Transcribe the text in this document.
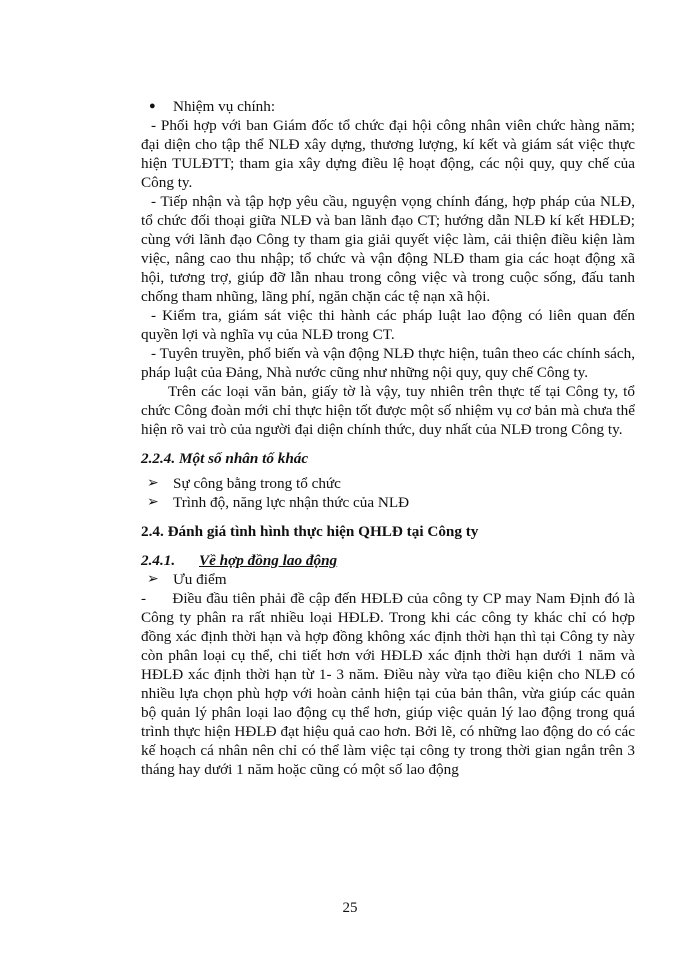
● Nhiệm vụ chính:

- Phối hợp với ban Giám đốc tổ chức đại hội công nhân viên chức hàng năm; đại diện cho tập thể NLĐ xây dựng, thương lượng, kí kết và giám sát việc thực hiện TULĐTT; tham gia xây dựng điều lệ hoạt động, các nội quy, quy chế của Công ty.

- Tiếp nhận và tập hợp yêu cầu, nguyện vọng chính đáng, hợp pháp của NLĐ, tổ chức đối thoại giữa NLĐ và ban lãnh đạo CT; hướng dẫn NLĐ kí kết HĐLĐ; cùng với lãnh đạo Công ty tham gia giải quyết việc làm, cải thiện điều kiện làm việc, nâng cao thu nhập; tổ chức và vận động NLĐ tham gia các hoạt động xã hội, tương trợ, giúp đỡ lẫn nhau trong công việc và trong cuộc sống, đấu tanh chống tham nhũng, lãng phí, ngăn chặn các tệ nạn xã hội.

- Kiểm tra, giám sát việc thi hành các pháp luật lao động có liên quan đến quyền lợi và nghĩa vụ của NLĐ trong CT.

- Tuyên truyền, phổ biến và vận động NLĐ thực hiện, tuân theo các chính sách, pháp luật của Đảng, Nhà nước cũng như những nội quy, quy chế Công ty.

Trên các loại văn bản, giấy tờ là vậy, tuy nhiên trên thực tế tại Công ty, tổ chức Công đoàn mới chỉ thực hiện tốt được một số nhiệm vụ cơ bản mà chưa thể hiện rõ vai trò của người đại diện chính thức, duy nhất của NLĐ trong Công ty.

2.2.4. Một số nhân tố khác

➢ Sự công bằng trong tổ chức

➢ Trình độ, năng lực nhận thức của NLĐ

2.4. Đánh giá tình hình thực hiện QHLĐ tại Công ty

2.4.1. Về hợp đồng lao động

➢ Ưu điểm

-      Điều đầu tiên phải đề cập đến HĐLĐ của công ty CP may Nam Định đó là Công ty phân ra rất nhiều loại HĐLĐ. Trong khi các công ty khác chỉ có hợp đồng xác định thời hạn và hợp đồng không xác định thời hạn thì tại Công ty này còn phân loại cụ thể, chi tiết hơn với HĐLĐ xác định thời hạn dưới 1 năm và HĐLĐ xác định thời hạn từ 1- 3 năm. Điều này vừa tạo điều kiện cho NLĐ có nhiều lựa chọn phù hợp với hoàn cảnh hiện tại của bản thân, vừa giúp các quản bộ quản lý phân loại lao động cụ thể hơn, giúp việc quản lý lao động trong quá trình thực hiện HĐLĐ đạt hiệu quả cao hơn. Bởi lẽ, có những lao động do có các kế hoạch cá nhân nên chỉ có thể làm việc tại công ty trong thời gian ngắn trên 3 tháng hay dưới 1 năm hoặc cũng có một số lao động

25
